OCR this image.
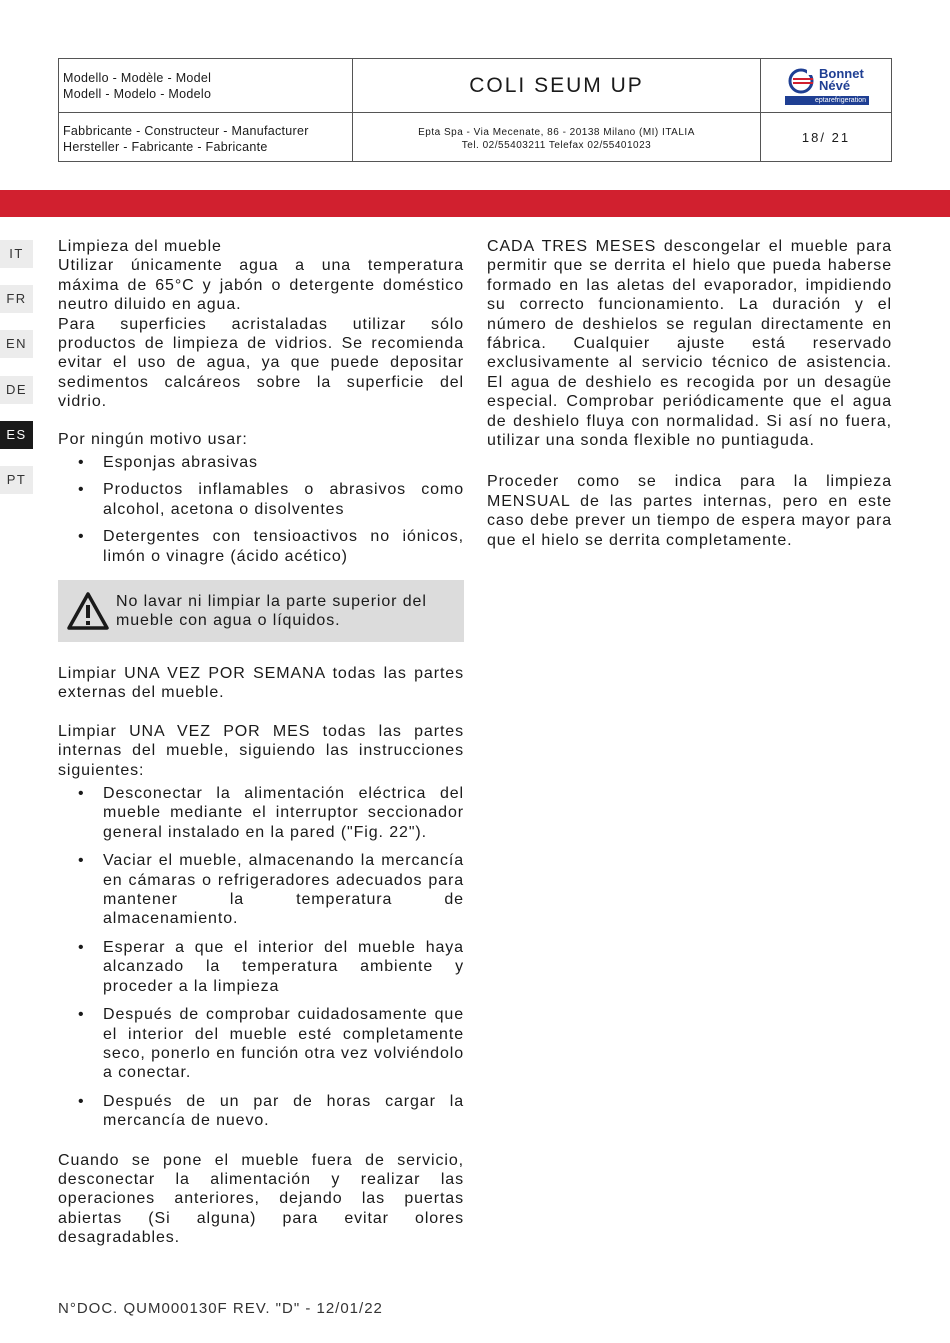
Modello - Modèle - Model
Modell - Modelo - Modelo	COLI SEUM UP
Bonnet
Névé
eptarefrigeration
Fabbricante - Constructeur - Manufacturer
Hersteller - Fabricante - Fabricante
Epta Spa - Via Mecenate, 86 - 20138 Milano (MI) ITALIA
Tel. 02/55403211 Telefax 02/55401023
18/ 21
IT
FR
EN
DE
ES
PT

Limpieza del mueble

Utilizar únicamente agua a una temperatura máxima de 65°C y jabón o detergente doméstico neutro diluido en agua.

Para superficies acristaladas utilizar sólo productos de limpieza de vidrios. Se recomienda evitar el uso de agua, ya que puede depositar sedimentos calcáreos sobre la superficie del vidrio.

Por ningún motivo usar:

• Esponjas abrasivas
• Productos inflamables o abrasivos como alcohol, acetona o disolventes
• Detergentes con tensioactivos no iónicos, limón o vinagre (ácido acético)
No lavar ni limpiar la parte superior del mueble con agua o líquidos.

Limpiar UNA VEZ POR SEMANA todas las partes externas del mueble.

Limpiar UNA VEZ POR MES todas las partes internas del mueble, siguiendo las instrucciones siguientes:

• Desconectar la alimentación eléctrica del mueble mediante el interruptor seccionador general instalado en la pared ("Fig. 22").
• Vaciar el mueble, almacenando la mercancía en cámaras o refrigeradores adecuados para mantener la temperatura de almacenamiento.
• Esperar a que el interior del mueble haya alcanzado la temperatura ambiente y proceder a la limpieza
• Después de comprobar cuidadosamente que el interior del mueble esté completamente seco, ponerlo en función otra vez volviéndolo a conectar.
• Después de un par de horas cargar la mercancía de nuevo.

Cuando se pone el mueble fuera de servicio, desconectar la alimentación y realizar las operaciones anteriores, dejando las puertas abiertas (Si alguna) para evitar olores desagradables.

CADA TRES MESES descongelar el mueble para permitir que se derrita el hielo que pueda haberse formado en las aletas del evaporador, impidiendo su correcto funcionamiento. La duración y el número de deshielos se regulan directamente en fábrica. Cualquier ajuste está reservado exclusivamente al servicio técnico de asistencia. El agua de deshielo es recogida por un desagüe especial. Comprobar periódicamente que el agua de deshielo fluya con normalidad. Si así no fuera, utilizar una sonda flexible no puntiaguda.

Proceder como se indica para la limpieza MENSUAL de las partes internas, pero en este caso debe prever un tiempo de espera mayor para que el hielo se derrita completamente.

N°DOC. QUM000130F REV. "D" - 12/01/22
